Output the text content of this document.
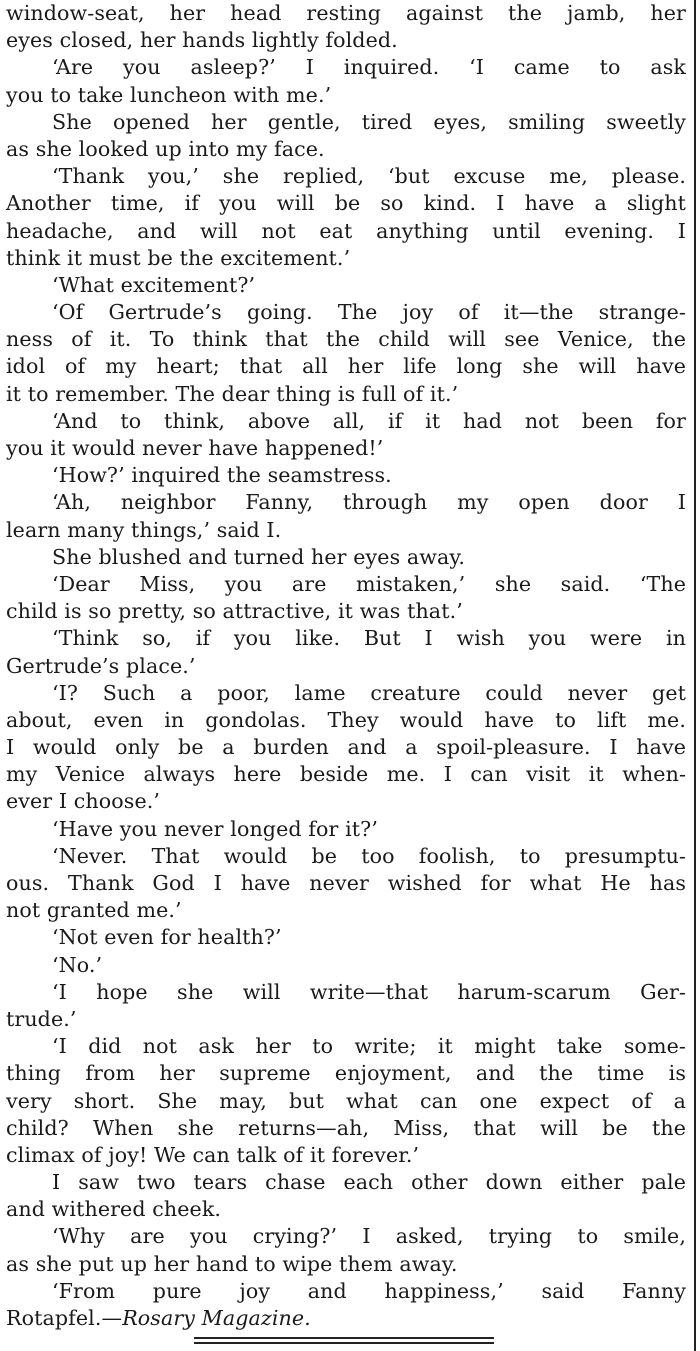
window-seat, her head resting against the jamb, her
eyes closed, her hands lightly folded.
‘Are you asleep?’ I inquired. ‘I came to ask
you to take luncheon with me.’
She opened her gentle, tired eyes, smiling sweetly
as she looked up into my face.
‘Thank you,’ she replied, ‘but excuse me, please.
Another time, if you will be so kind. I have a slight
headache, and will not eat anything until evening. I
think it must be the excitement.’
‘What excitement?’
‘Of Gertrude’s going. The joy of it—the strange-
ness of it. To think that the child will see Venice, the
idol of my heart; that all her life long she will have
it to remember. The dear thing is full of it.’
‘And to think, above all, if it had not been for
you it would never have happened!’
‘How?’ inquired the seamstress.
‘Ah, neighbor Fanny, through my open door I
learn many things,’ said I.
She blushed and turned her eyes away.
‘Dear Miss, you are mistaken,’ she said. ‘The
child is so pretty, so attractive, it was that.’
‘Think so, if you like. But I wish you were in
Gertrude’s place.’
‘I? Such a poor, lame creature could never get
about, even in gondolas. They would have to lift me.
I would only be a burden and a spoil-pleasure. I have
my Venice always here beside me. I can visit it when-
ever I choose.’
‘Have you never longed for it?’
‘Never. That would be too foolish, to presumptu-
ous. Thank God I have never wished for what He has
not granted me.’
‘Not even for health?’
‘No.’
‘I hope she will write—that harum-scarum Ger-
trude.’
‘I did not ask her to write; it might take some-
thing from her supreme enjoyment, and the time is
very short. She may, but what can one expect of a
child? When she returns—ah, Miss, that will be the
climax of joy! We can talk of it forever.’
I saw two tears chase each other down either pale
and withered cheek.
‘Why are you crying?’ I asked, trying to smile,
as she put up her hand to wipe them away.
‘From pure joy and happiness,’ said Fanny
Rotapfel.—Rosary Magazine.
